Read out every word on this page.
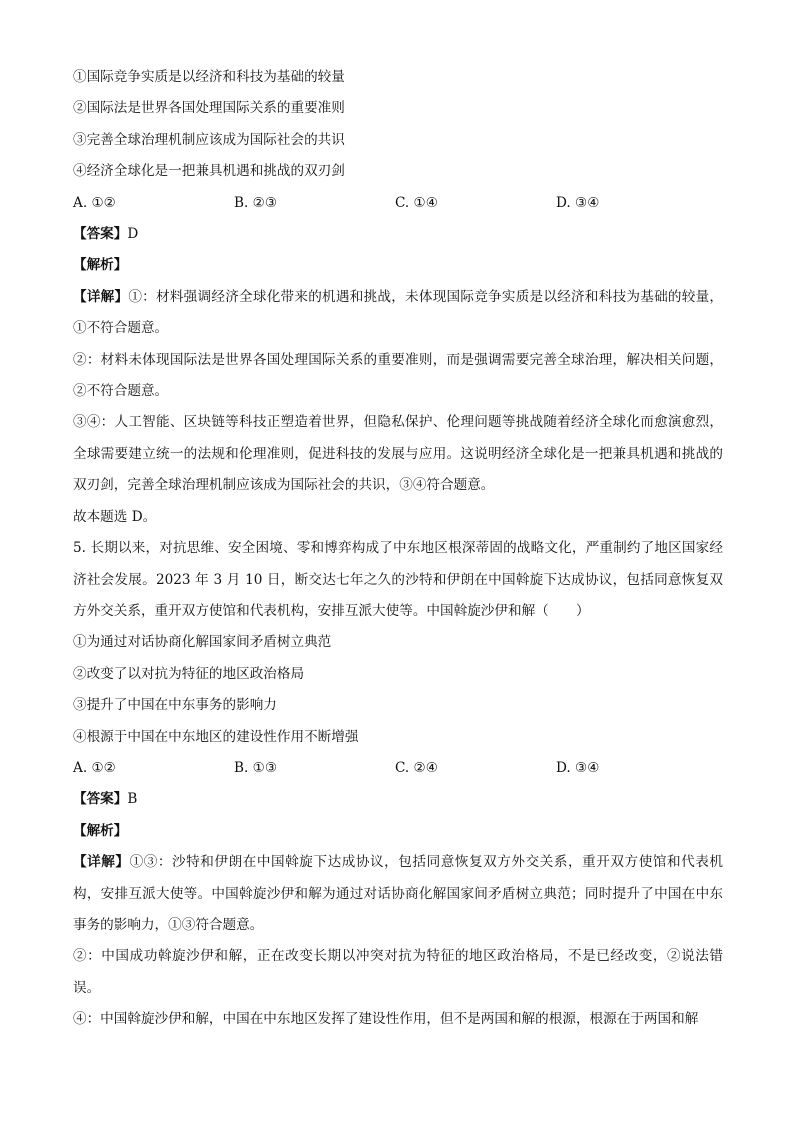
①国际竞争实质是以经济和科技为基础的较量
②国际法是世界各国处理国际关系的重要准则
③完善全球治理机制应该成为国际社会的共识
④经济全球化是一把兼具机遇和挑战的双刃剑
A. ①②	B. ②③	C. ①④	D. ③④
【答案】D
【解析】
【详解】①：材料强调经济全球化带来的机遇和挑战，未体现国际竞争实质是以经济和科技为基础的较量，①不符合题意。
②：材料未体现国际法是世界各国处理国际关系的重要准则，而是强调需要完善全球治理，解决相关问题，②不符合题意。
③④：人工智能、区块链等科技正塑造着世界，但隐私保护、伦理问题等挑战随着经济全球化而愈演愈烈，全球需要建立统一的法规和伦理准则，促进科技的发展与应用。这说明经济全球化是一把兼具机遇和挑战的双刃剑，完善全球治理机制应该成为国际社会的共识，③④符合题意。
故本题选 D。
5. 长期以来，对抗思维、安全困境、零和博弈构成了中东地区根深蒂固的战略文化，严重制约了地区国家经济社会发展。2023 年 3 月 10 日，断交达七年之久的沙特和伊朗在中国斡旋下达成协议，包括同意恢复双方外交关系，重开双方使馆和代表机构，安排互派大使等。中国斡旋沙伊和解（　　）
①为通过对话协商化解国家间矛盾树立典范
②改变了以对抗为特征的地区政治格局
③提升了中国在中东事务的影响力
④根源于中国在中东地区的建设性作用不断增强
A. ①②	B. ①③	C. ②④	D. ③④
【答案】B
【解析】
【详解】①③：沙特和伊朗在中国斡旋下达成协议，包括同意恢复双方外交关系，重开双方使馆和代表机构，安排互派大使等。中国斡旋沙伊和解为通过对话协商化解国家间矛盾树立典范；同时提升了中国在中东事务的影响力，①③符合题意。
②：中国成功斡旋沙伊和解，正在改变长期以冲突对抗为特征的地区政治格局，不是已经改变，②说法错误。
④：中国斡旋沙伊和解，中国在中东地区发挥了建设性作用，但不是两国和解的根源，根源在于两国和解
